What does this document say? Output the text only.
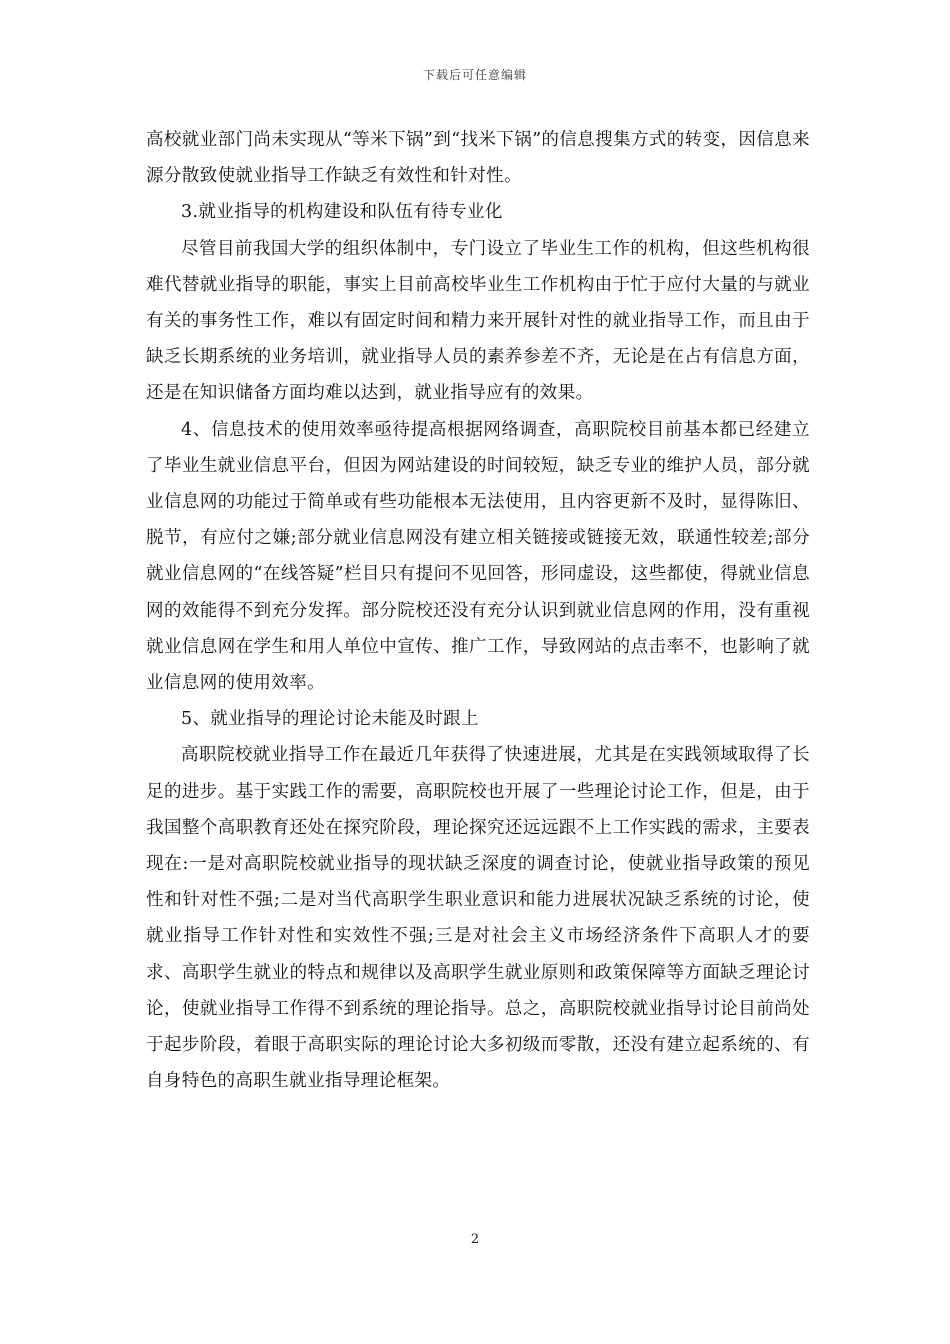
下载后可任意编辑

高校就业部门尚未实现从“等米下锅”到“找米下锅”的信息搜集方式的转变，因信息来源分散致使就业指导工作缺乏有效性和针对性。

3.就业指导的机构建设和队伍有待专业化

尽管目前我国大学的组织体制中，专门设立了毕业生工作的机构，但这些机构很难代替就业指导的职能，事实上目前高校毕业生工作机构由于忙于应付大量的与就业有关的事务性工作，难以有固定时间和精力来开展针对性的就业指导工作，而且由于缺乏长期系统的业务培训，就业指导人员的素养参差不齐，无论是在占有信息方面，还是在知识储备方面均难以达到，就业指导应有的效果。

4、信息技术的使用效率亟待提高根据网络调查，高职院校目前基本都已经建立了毕业生就业信息平台，但因为网站建设的时间较短，缺乏专业的维护人员，部分就业信息网的功能过于简单或有些功能根本无法使用，且内容更新不及时，显得陈旧、脱节，有应付之嫌;部分就业信息网没有建立相关链接或链接无效，联通性较差;部分就业信息网的“在线答疑”栏目只有提问不见回答，形同虚设，这些都使，得就业信息网的效能得不到充分发挥。部分院校还没有充分认识到就业信息网的作用，没有重视就业信息网在学生和用人单位中宣传、推广工作，导致网站的点击率不，也影响了就业信息网的使用效率。

5、就业指导的理论讨论未能及时跟上

高职院校就业指导工作在最近几年获得了快速进展，尤其是在实践领域取得了长足的进步。基于实践工作的需要，高职院校也开展了一些理论讨论工作，但是，由于我国整个高职教育还处在探究阶段，理论探究还远远跟不上工作实践的需求，主要表现在:一是对高职院校就业指导的现状缺乏深度的调查讨论，使就业指导政策的预见性和针对性不强;二是对当代高职学生职业意识和能力进展状况缺乏系统的讨论，使就业指导工作针对性和实效性不强;三是对社会主义市场经济条件下高职人才的要求、高职学生就业的特点和规律以及高职学生就业原则和政策保障等方面缺乏理论讨论，使就业指导工作得不到系统的理论指导。总之，高职院校就业指导讨论目前尚处于起步阶段，着眼于高职实际的理论讨论大多初级而零散，还没有建立起系统的、有自身特色的高职生就业指导理论框架。

2
